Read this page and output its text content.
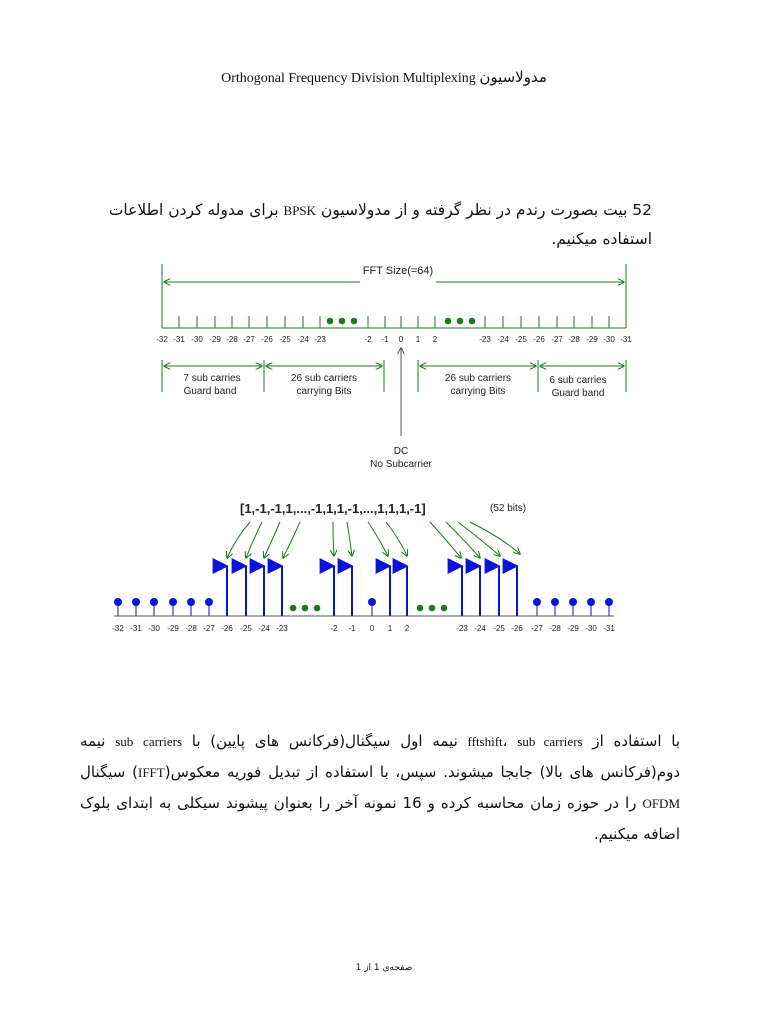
Orthogonal Frequency Division Multiplexing مدولاسیون
52 بیت بصورت رندم در نظر گرفته و از مدولاسیون BPSK برای مدوله کردن اطلاعات استفاده میکنیم.
FFT Size(=64)
-32 -31 -30 -29 -28 -27 -26 -25 -24 -23	-2 -1 0 1 2	-23 -24 -25 -26 -27 -28 -29 -30 -31
7 sub carries
Guard band
26 sub carriers
carrying Bits
26 sub carriers
carrying Bits
6 sub carries
Guard band
DC
No Subcarrier
[1,-1,-1,1,...,-1,1,1,-1,...,1,1,1,-1]	(52 bits)
-32 -31 -30 -29 -28 -27 -26 -25 -24 -23	-2 -1 0 1 2	-23 -24 -25 -26 -27 -28 -29 -30 -31
با استفاده از fftshift، sub carriers نیمه اول سیگنال(فرکانس های پایین) با sub carriers نیمه دوم(فرکانس های بالا) جابجا میشوند. سپس، با استفاده از تبدیل فوریه معکوس(IFFT) سیگنال OFDM را در حوزه زمان محاسبه کرده و 16 نمونه آخر را بعنوان پیشوند سیکلی به ابتدای بلوک اضافه میکنیم.
صفحه‌ی 1 از 1
